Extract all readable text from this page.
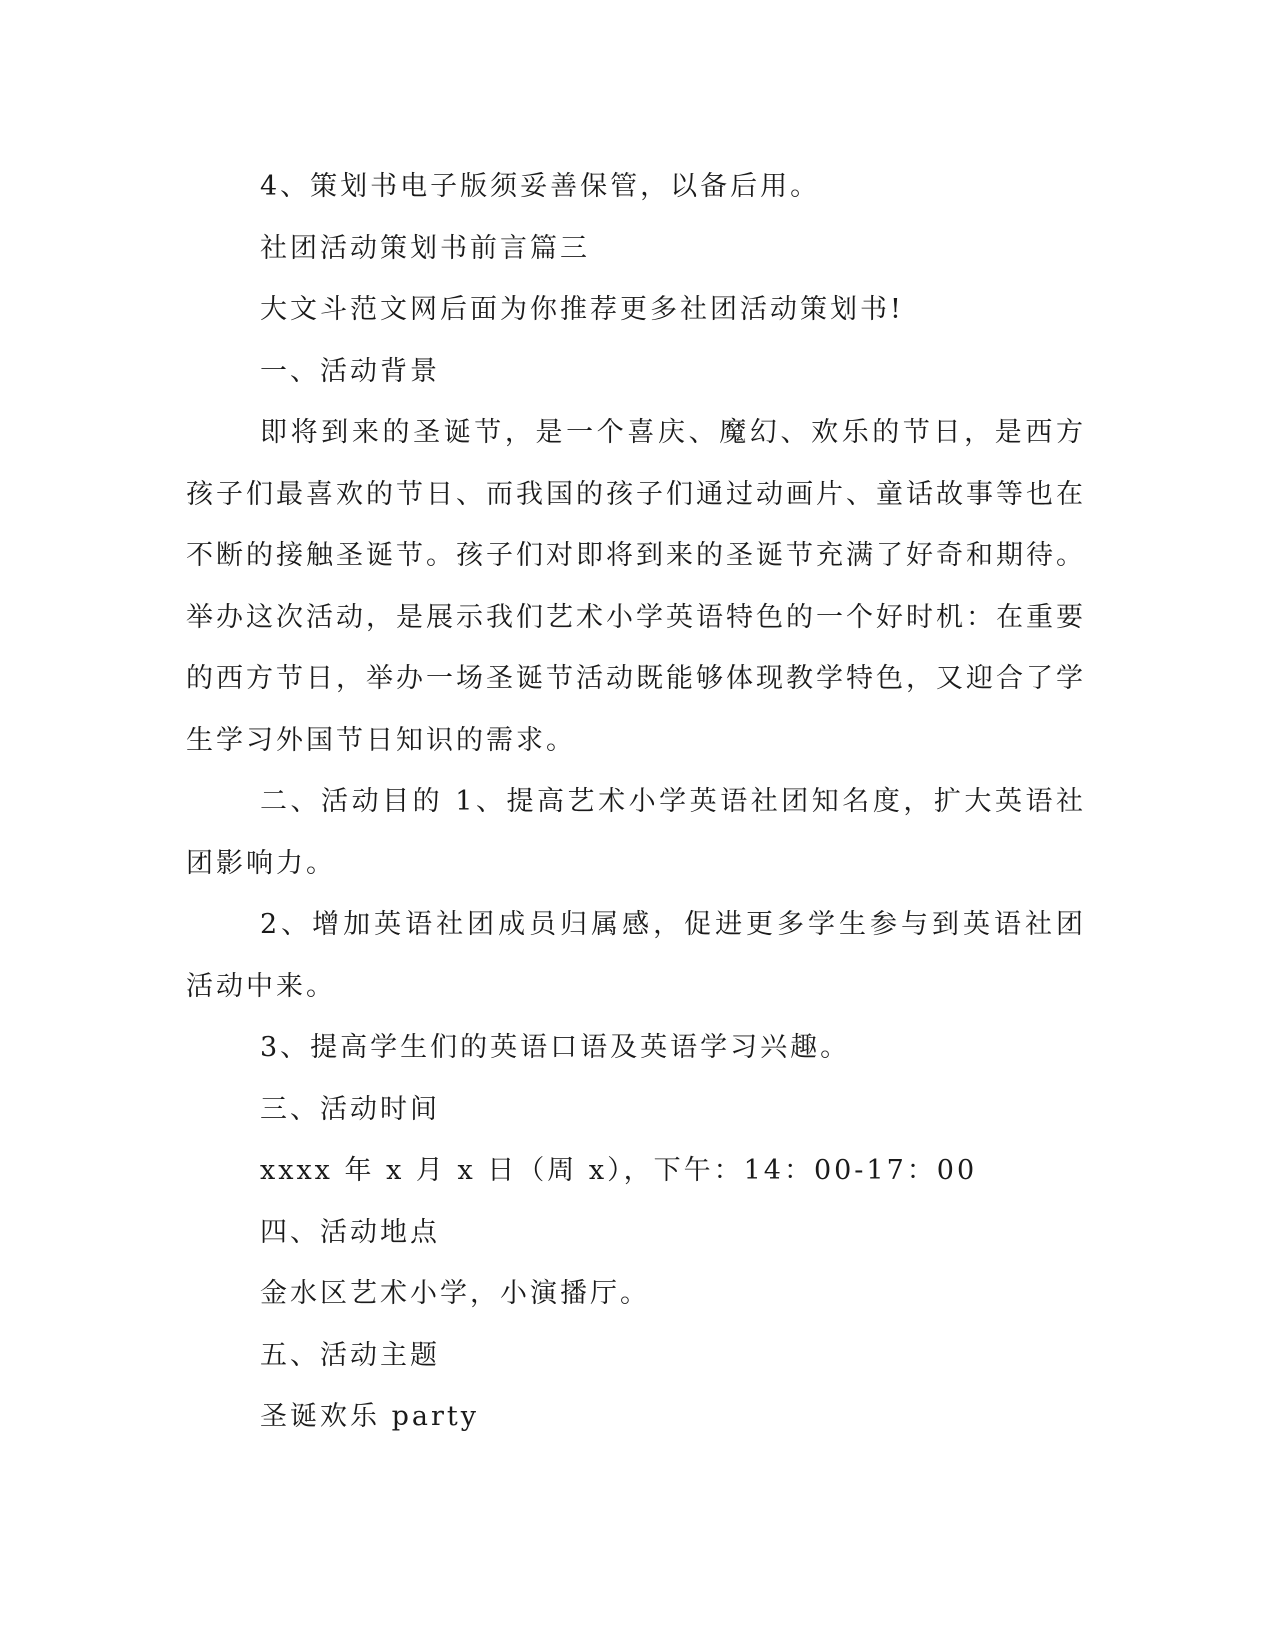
4、策划书电子版须妥善保管，以备后用。

社团活动策划书前言篇三

大文斗范文网后面为你推荐更多社团活动策划书!

一、活动背景

即将到来的圣诞节，是一个喜庆、魔幻、欢乐的节日，是西方孩子们最喜欢的节日、而我国的孩子们通过动画片、童话故事等也在不断的接触圣诞节。孩子们对即将到来的圣诞节充满了好奇和期待。举办这次活动，是展示我们艺术小学英语特色的一个好时机：在重要的西方节日，举办一场圣诞节活动既能够体现教学特色，又迎合了学生学习外国节日知识的需求。

二、活动目的 1、提高艺术小学英语社团知名度，扩大英语社团影响力。

2、增加英语社团成员归属感，促进更多学生参与到英语社团活动中来。

3、提高学生们的英语口语及英语学习兴趣。

三、活动时间

xxxx 年 x 月 x 日（周 x），下午：14：00-17：00

四、活动地点

金水区艺术小学，小演播厅。

五、活动主题

圣诞欢乐 party
